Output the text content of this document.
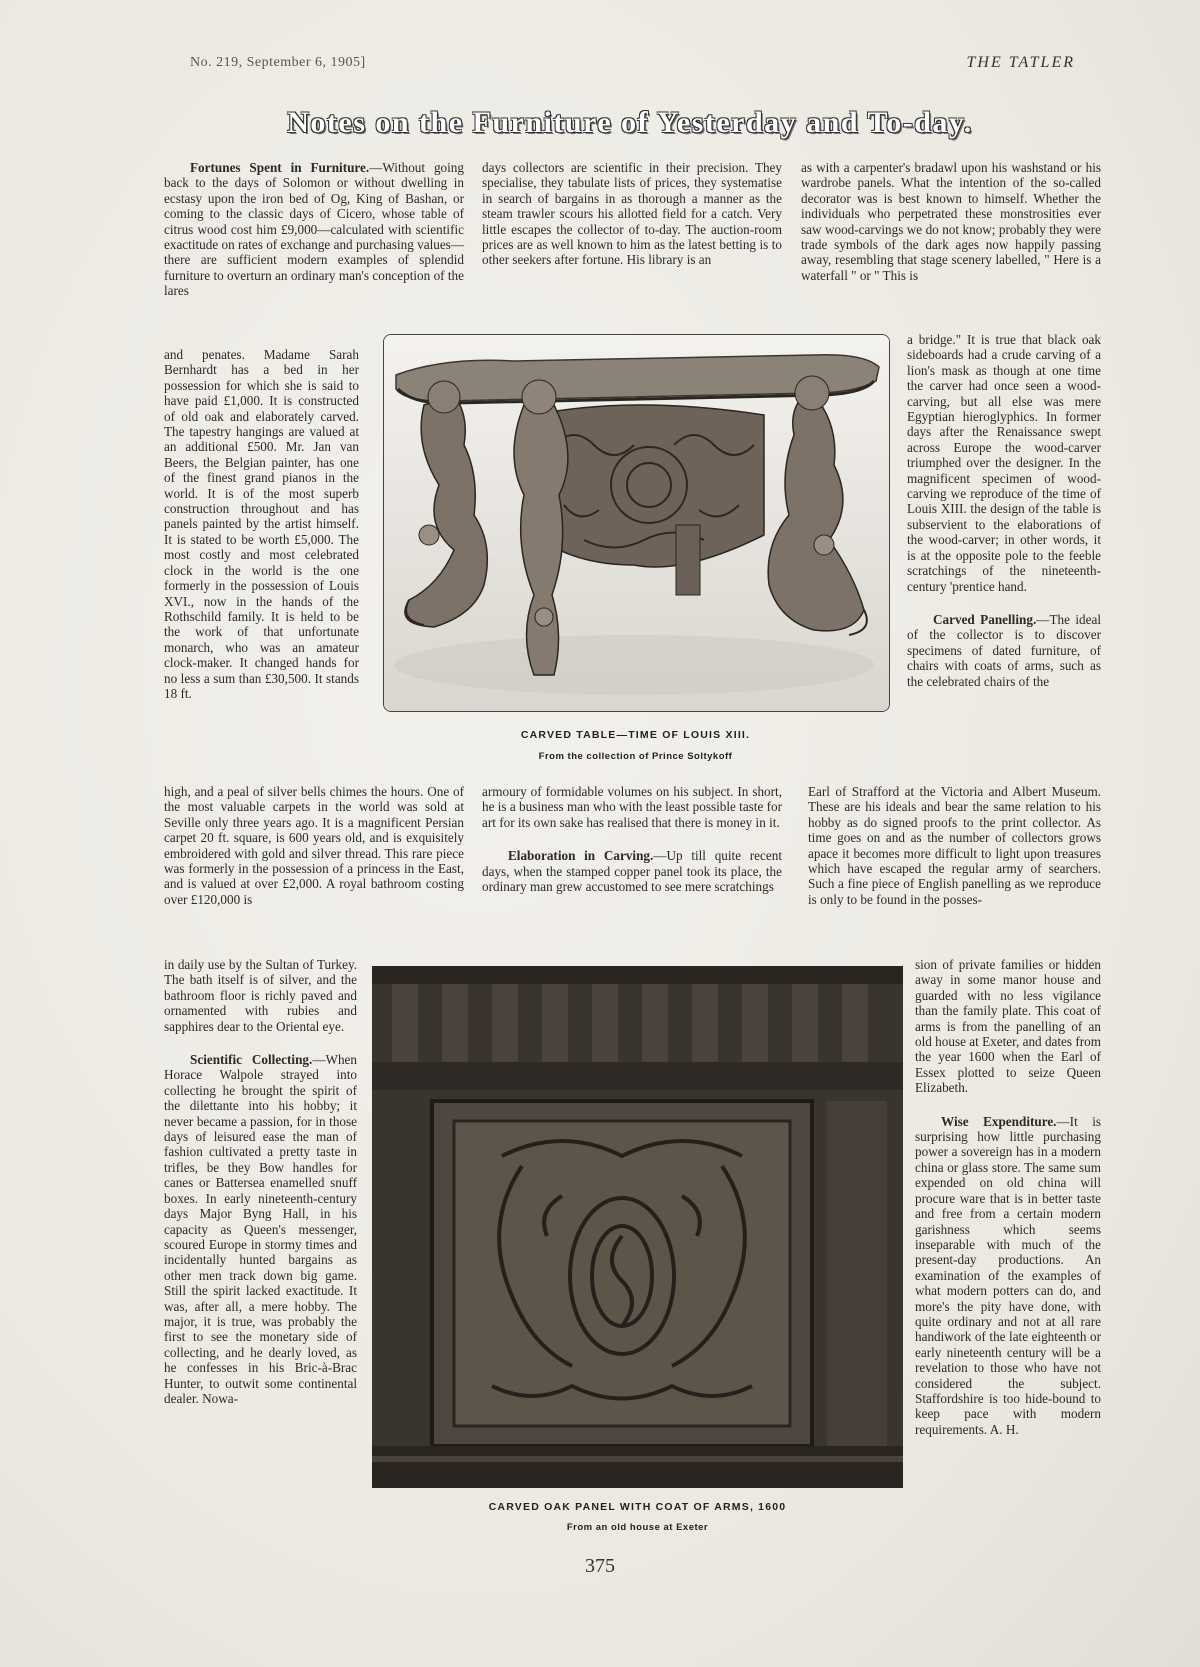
No. 219, September 6, 1905]	THE TATLER
Notes on the Furniture of Yesterday and To-day.

Fortunes Spent in Furniture.—Without going back to the days of Solomon or without dwelling in ecstasy upon the iron bed of Og, King of Bashan, or coming to the classic days of Cicero, whose table of citrus wood cost him £9,000—calculated with scientific exactitude on rates of exchange and purchasing values—there are sufficient modern examples of splendid furniture to overturn an ordinary man's conception of the lares

days collectors are scientific in their precision. They specialise, they tabulate lists of prices, they systematise in search of bargains in as thorough a manner as the steam trawler scours his allotted field for a catch. Very little escapes the collector of to-day. The auction-room prices are as well known to him as the latest betting is to other seekers after fortune. His library is an

as with a carpenter's bradawl upon his washstand or his wardrobe panels. What the intention of the so-called decorator was is best known to himself. Whether the individuals who perpetrated these monstrosities ever saw wood-carvings we do not know; probably they were trade symbols of the dark ages now happily passing away, resembling that stage scenery labelled, " Here is a waterfall " or " This is

and penates. Madame Sarah Bernhardt has a bed in her possession for which she is said to have paid £1,000. It is constructed of old oak and elaborately carved. The tapestry hangings are valued at an additional £500. Mr. Jan van Beers, the Belgian painter, has one of the finest grand pianos in the world. It is of the most superb construction throughout and has panels painted by the artist himself. It is stated to be worth £5,000. The most costly and most celebrated clock in the world is the one formerly in the possession of Louis XVI., now in the hands of the Rothschild family. It is held to be the work of that unfortunate monarch, who was an amateur clock-maker. It changed hands for no less a sum than £30,500. It stands 18 ft.

a bridge." It is true that black oak sideboards had a crude carving of a lion's mask as though at one time the carver had once seen a wood-carving, but all else was mere Egyptian hieroglyphics. In former days after the Renaissance swept across Europe the wood-carver triumphed over the designer. In the magnificent specimen of wood-carving we reproduce of the time of Louis XIII. the design of the table is subservient to the elaborations of the wood-carver; in other words, it is at the opposite pole to the feeble scratchings of the nineteenth-century 'prentice hand.

Carved Panelling.—The ideal of the collector is to discover specimens of dated furniture, of chairs with coats of arms, such as the celebrated chairs of the

CARVED TABLE—TIME OF LOUIS XIII.
From the collection of Prince Soltykoff

high, and a peal of silver bells chimes the hours. One of the most valuable carpets in the world was sold at Seville only three years ago. It is a magnificent Persian carpet 20 ft. square, is 600 years old, and is exquisitely embroidered with gold and silver thread. This rare piece was formerly in the possession of a princess in the East, and is valued at over £2,000. A royal bathroom costing over £120,000 is

armoury of formidable volumes on his subject. In short, he is a business man who with the least possible taste for art for its own sake has realised that there is money in it.

Elaboration in Carving.—Up till quite recent days, when the stamped copper panel took its place, the ordinary man grew accustomed to see mere scratchings

Earl of Strafford at the Victoria and Albert Museum. These are his ideals and bear the same relation to his hobby as do signed proofs to the print collector. As time goes on and as the number of collectors grows apace it becomes more difficult to light upon treasures which have escaped the regular army of searchers. Such a fine piece of English panelling as we reproduce is only to be found in the posses-

in daily use by the Sultan of Turkey. The bath itself is of silver, and the bathroom floor is richly paved and ornamented with rubies and sapphires dear to the Oriental eye.

Scientific Collecting.—When Horace Walpole strayed into collecting he brought the spirit of the dilettante into his hobby; it never became a passion, for in those days of leisured ease the man of fashion cultivated a pretty taste in trifles, be they Bow handles for canes or Battersea enamelled snuff boxes. In early nineteenth-century days Major Byng Hall, in his capacity as Queen's messenger, scoured Europe in stormy times and incidentally hunted bargains as other men track down big game. Still the spirit lacked exactitude. It was, after all, a mere hobby. The major, it is true, was probably the first to see the monetary side of collecting, and he dearly loved, as he confesses in his Bric-à-Brac Hunter, to outwit some continental dealer. Nowa-

sion of private families or hidden away in some manor house and guarded with no less vigilance than the family plate. This coat of arms is from the panelling of an old house at Exeter, and dates from the year 1600 when the Earl of Essex plotted to seize Queen Elizabeth.

Wise Expenditure.—It is surprising how little purchasing power a sovereign has in a modern china or glass store. The same sum expended on old china will procure ware that is in better taste and free from a certain modern garishness which seems inseparable with much of the present-day productions. An examination of the examples of what modern potters can do, and more's the pity have done, with quite ordinary and not at all rare handiwork of the late eighteenth or early nineteenth century will be a revelation to those who have not considered the subject. Staffordshire is too hide-bound to keep pace with modern requirements. A. H.

CARVED OAK PANEL WITH COAT OF ARMS, 1600
From an old house at Exeter
375
